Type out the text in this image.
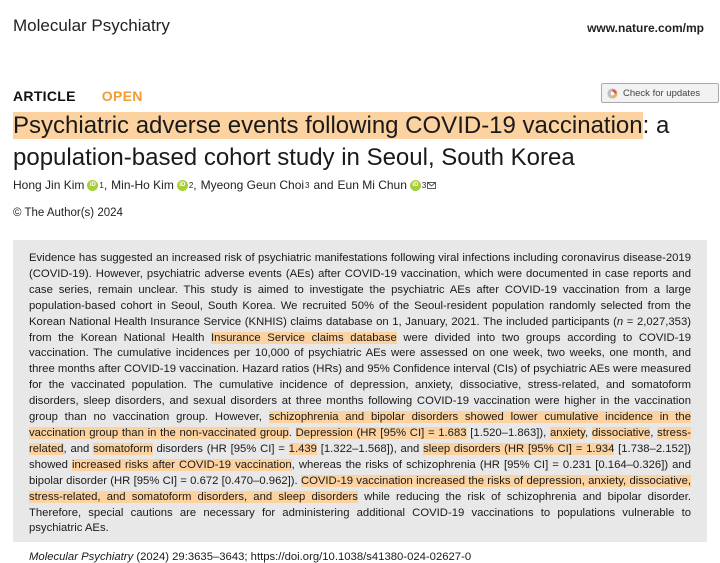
Molecular Psychiatry	www.nature.com/mp
ARTICLE OPEN	Check for updates
Psychiatric adverse events following COVID-19 vaccination: a population-based cohort study in Seoul, South Korea
Hong Jin Kim iD 1 , Min-Ho Kim iD 2 , Myeong Geun Choi 3 and Eun Mi Chun iD 3
© The Author(s) 2024

Evidence has suggested an increased risk of psychiatric manifestations following viral infections including coronavirus disease-2019 (COVID-19). However, psychiatric adverse events (AEs) after COVID-19 vaccination, which were documented in case reports and case series, remain unclear. This study is aimed to investigate the psychiatric AEs after COVID-19 vaccination from a large population-based cohort in Seoul, South Korea. We recruited 50% of the Seoul-resident population randomly selected from the Korean National Health Insurance Service (KNHIS) claims database on 1, January, 2021. The included participants (n = 2,027,353) from the Korean National Health Insurance Service claims database were divided into two groups according to COVID-19 vaccination. The cumulative incidences per 10,000 of psychiatric AEs were assessed on one week, two weeks, one month, and three months after COVID-19 vaccination. Hazard ratios (HRs) and 95% Confidence interval (CIs) of psychiatric AEs were measured for the vaccinated population. The cumulative incidence of depression, anxiety, dissociative, stress-related, and somatoform disorders, sleep disorders, and sexual disorders at three months following COVID-19 vaccination were higher in the vaccination group than no vaccination group. However, schizophrenia and bipolar disorders showed lower cumulative incidence in the vaccination group than in the non-vaccinated group. Depression (HR [95% CI] = 1.683 [1.520–1.863]), anxiety, dissociative, stress-related, and somatoform disorders (HR [95% CI] = 1.439 [1.322–1.568]), and sleep disorders (HR [95% CI] = 1.934 [1.738–2.152]) showed increased risks after COVID-19 vaccination, whereas the risks of schizophrenia (HR [95% CI] = 0.231 [0.164–0.326]) and bipolar disorder (HR [95% CI] = 0.672 [0.470–0.962]). COVID-19 vaccination increased the risks of depression, anxiety, dissociative, stress-related, and somatoform disorders, and sleep disorders while reducing the risk of schizophrenia and bipolar disorder. Therefore, special cautions are necessary for administering additional COVID-19 vaccinations to populations vulnerable to psychiatric AEs.

Molecular Psychiatry (2024) 29:3635–3643; https://doi.org/10.1038/s41380-024-02627-0
